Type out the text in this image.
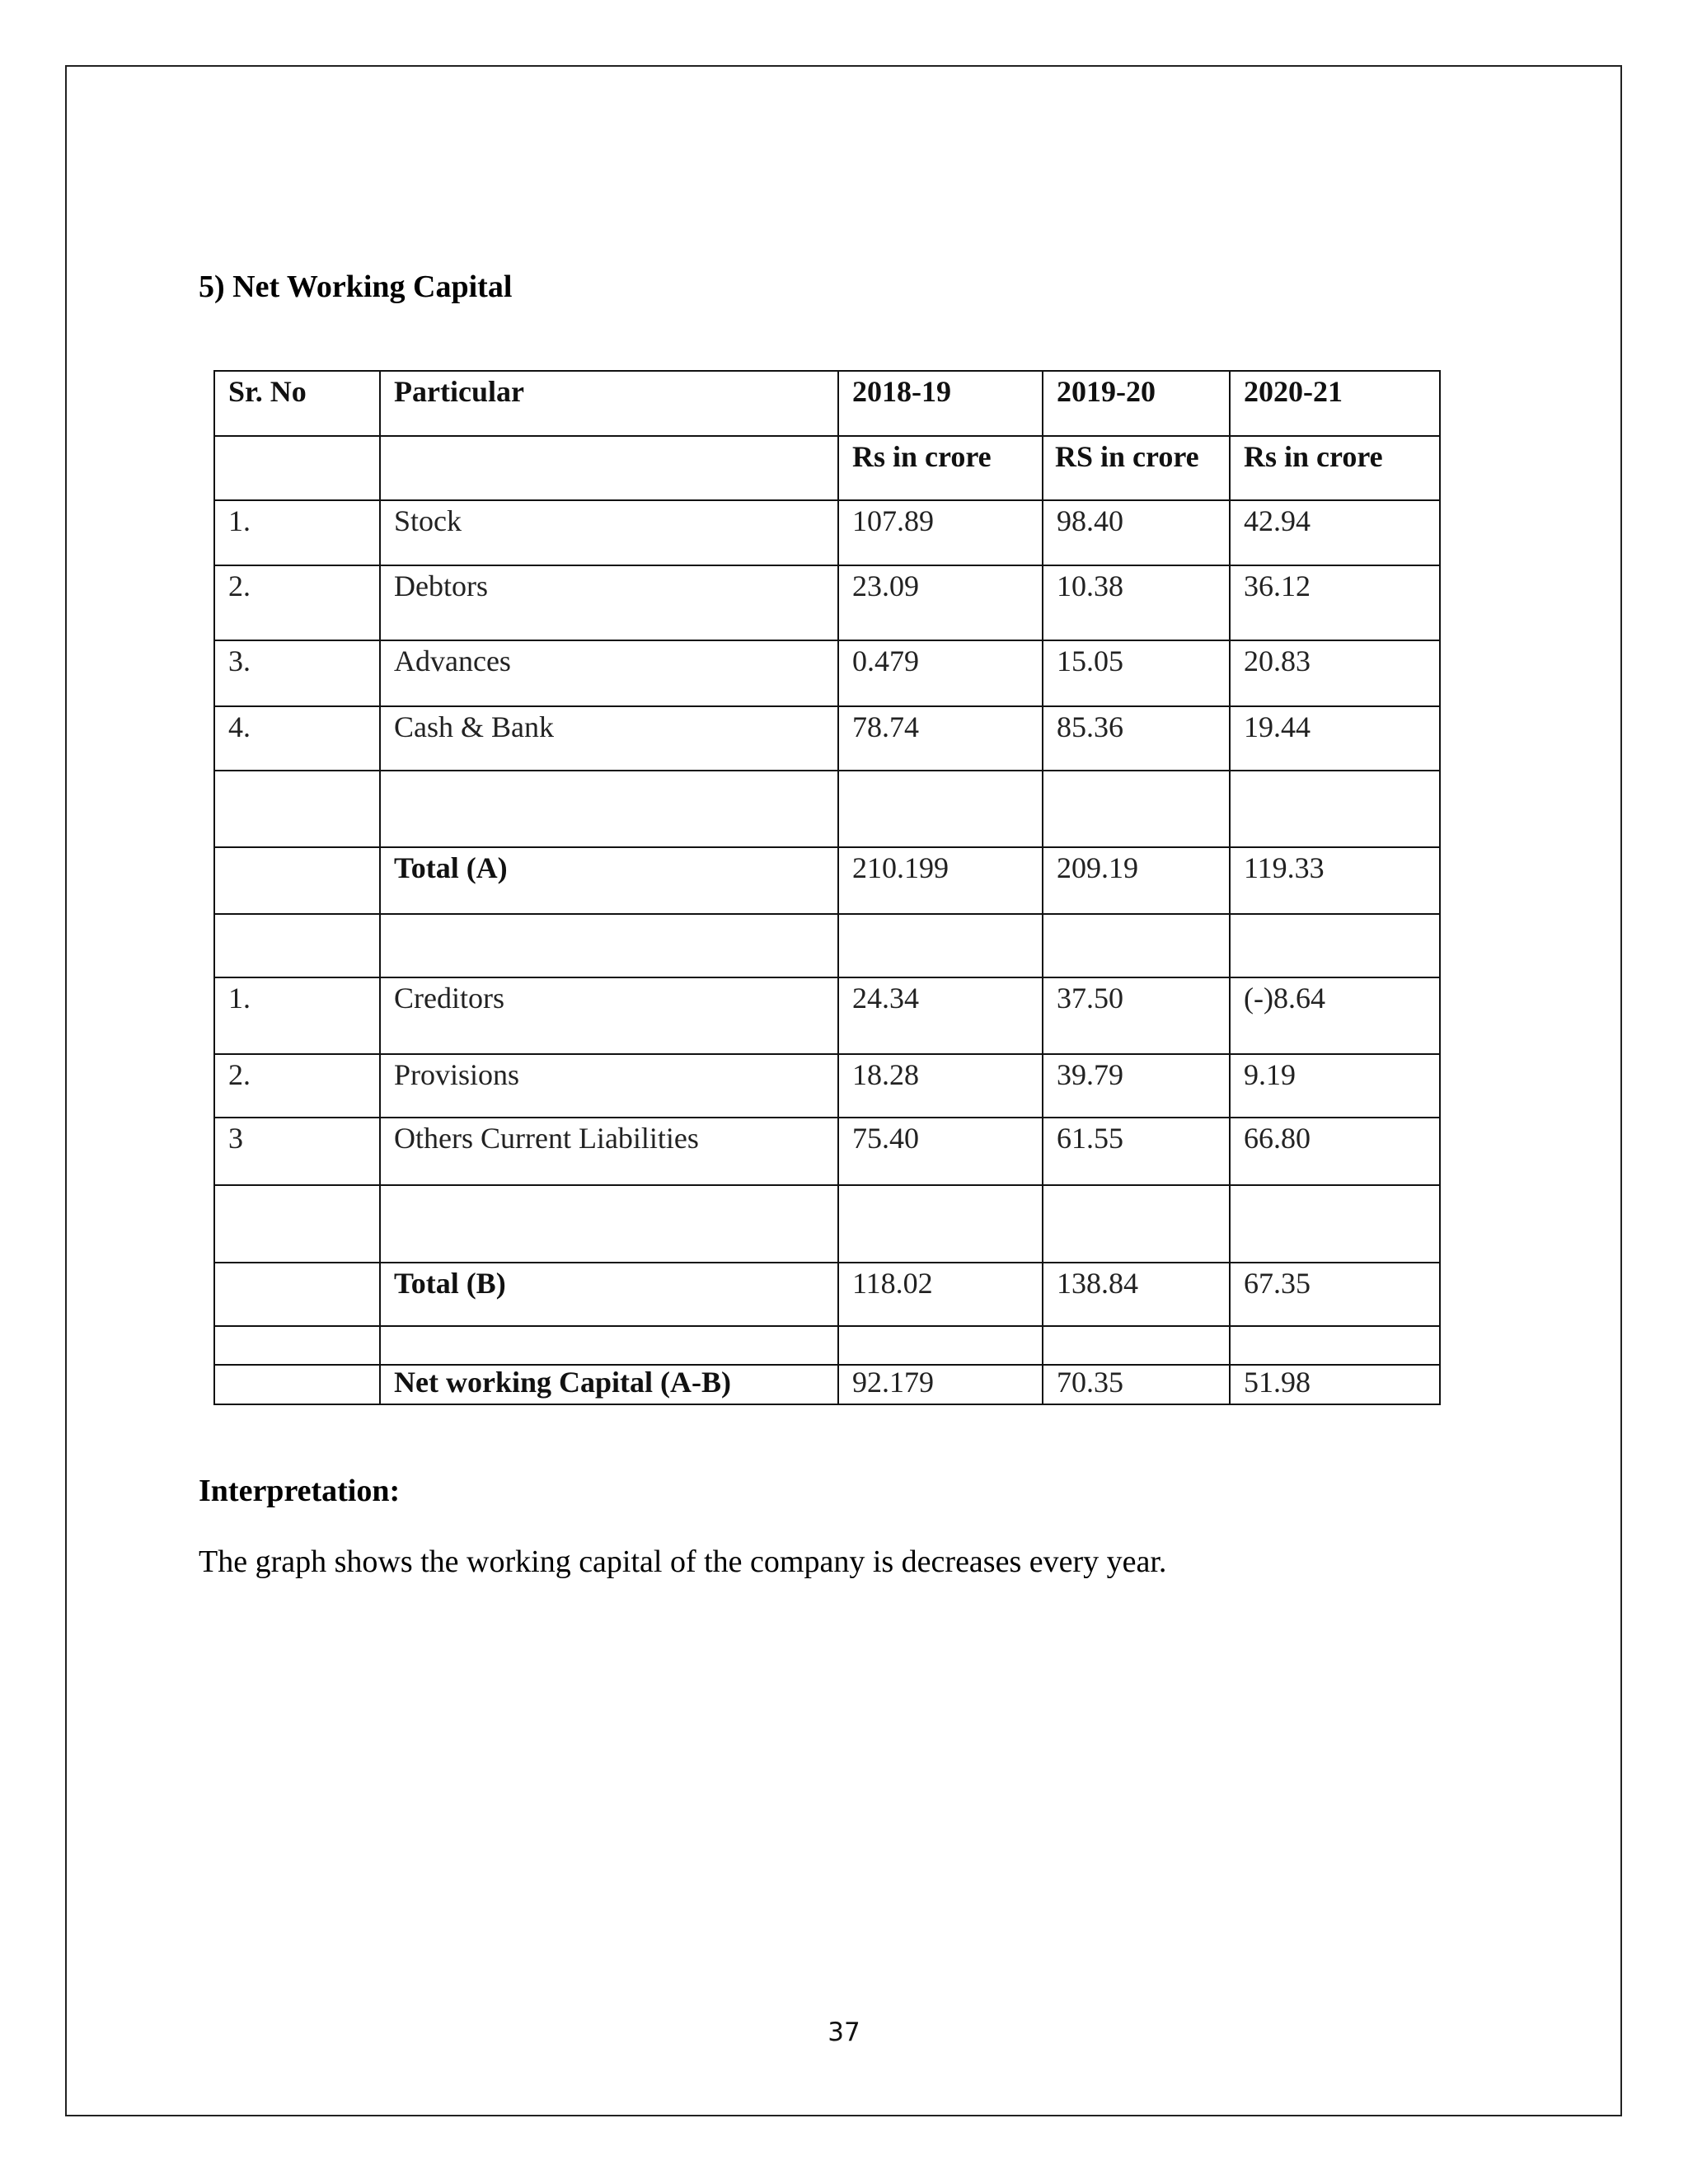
5) Net Working Capital
Sr. No	Particular	2018-19	2019-20	2020-21
		Rs in crore	RS in crore	Rs in crore
1.	Stock	107.89	98.40	42.94
2.	Debtors	23.09	10.38	36.12
3.	Advances	0.479	15.05	20.83
4.	Cash & Bank	78.74	85.36	19.44

	Total (A)	210.199	209.19	119.33

1.	Creditors	24.34	37.50	(-)8.64
2.	Provisions	18.28	39.79	9.19
3	Others Current Liabilities	75.40	61.55	66.80

	Total (B)	118.02	138.84	67.35

	Net working Capital (A-B)	92.179	70.35	51.98
Interpretation:
The graph shows the working capital of the company is decreases every year.
37
